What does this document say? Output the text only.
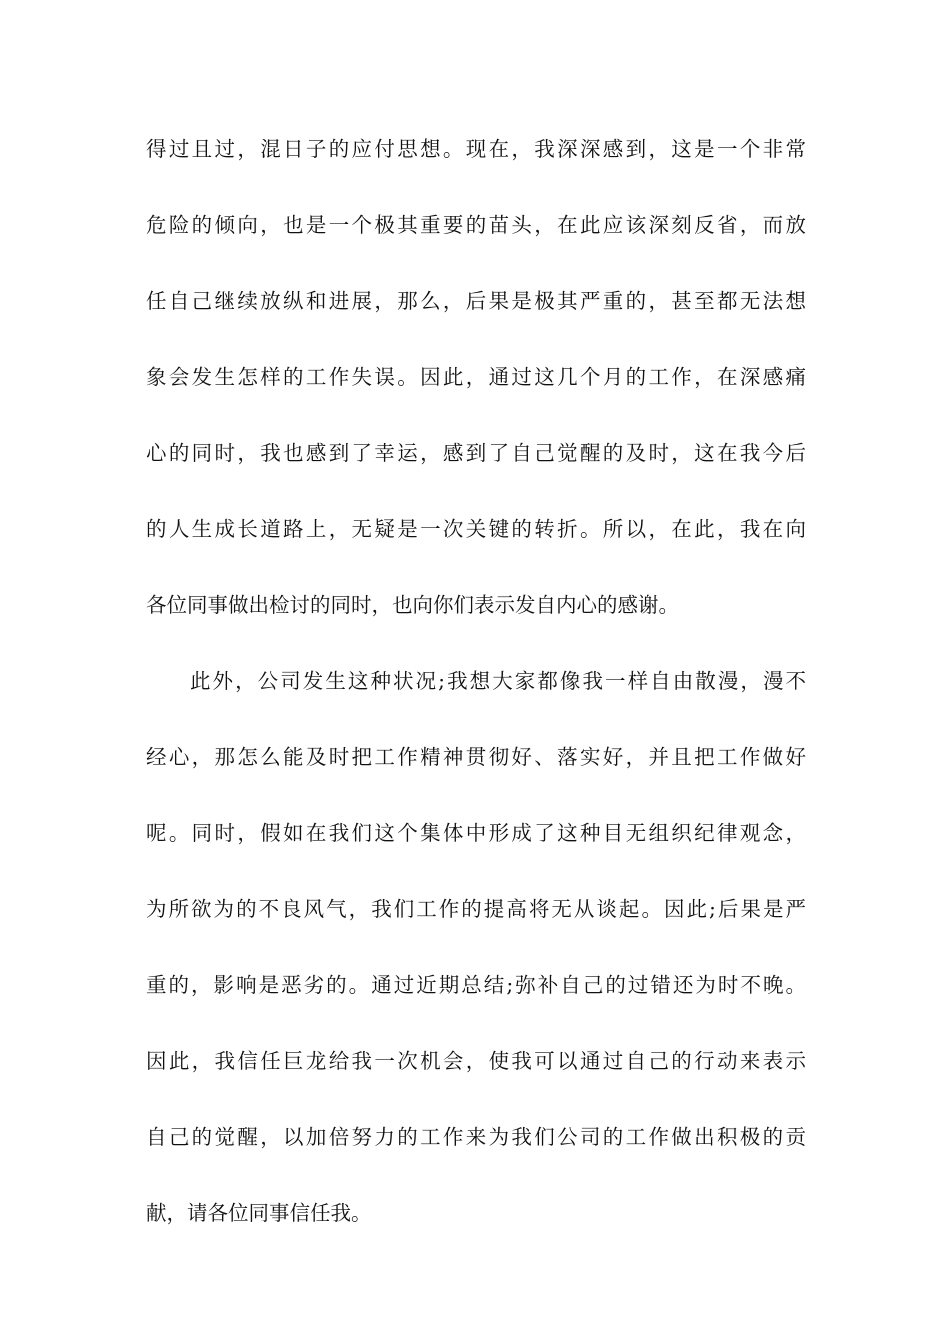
得过且过，混日子的应付思想。现在，我深深感到，这是一个非常
危险的倾向，也是一个极其重要的苗头，在此应该深刻反省，而放
任自己继续放纵和进展，那么，后果是极其严重的，甚至都无法想
象会发生怎样的工作失误。因此，通过这几个月的工作，在深感痛
心的同时，我也感到了幸运，感到了自己觉醒的及时，这在我今后
的人生成长道路上，无疑是一次关键的转折。所以，在此，我在向
各位同事做出检讨的同时，也向你们表示发自内心的感谢。
此外，公司发生这种状况;我想大家都像我一样自由散漫，漫不
经心，那怎么能及时把工作精神贯彻好、落实好，并且把工作做好
呢。同时，假如在我们这个集体中形成了这种目无组织纪律观念，
为所欲为的不良风气，我们工作的提高将无从谈起。因此;后果是严
重的，影响是恶劣的。通过近期总结;弥补自己的过错还为时不晚。
因此，我信任巨龙给我一次机会，使我可以通过自己的行动来表示
自己的觉醒，以加倍努力的工作来为我们公司的工作做出积极的贡
献，请各位同事信任我。
